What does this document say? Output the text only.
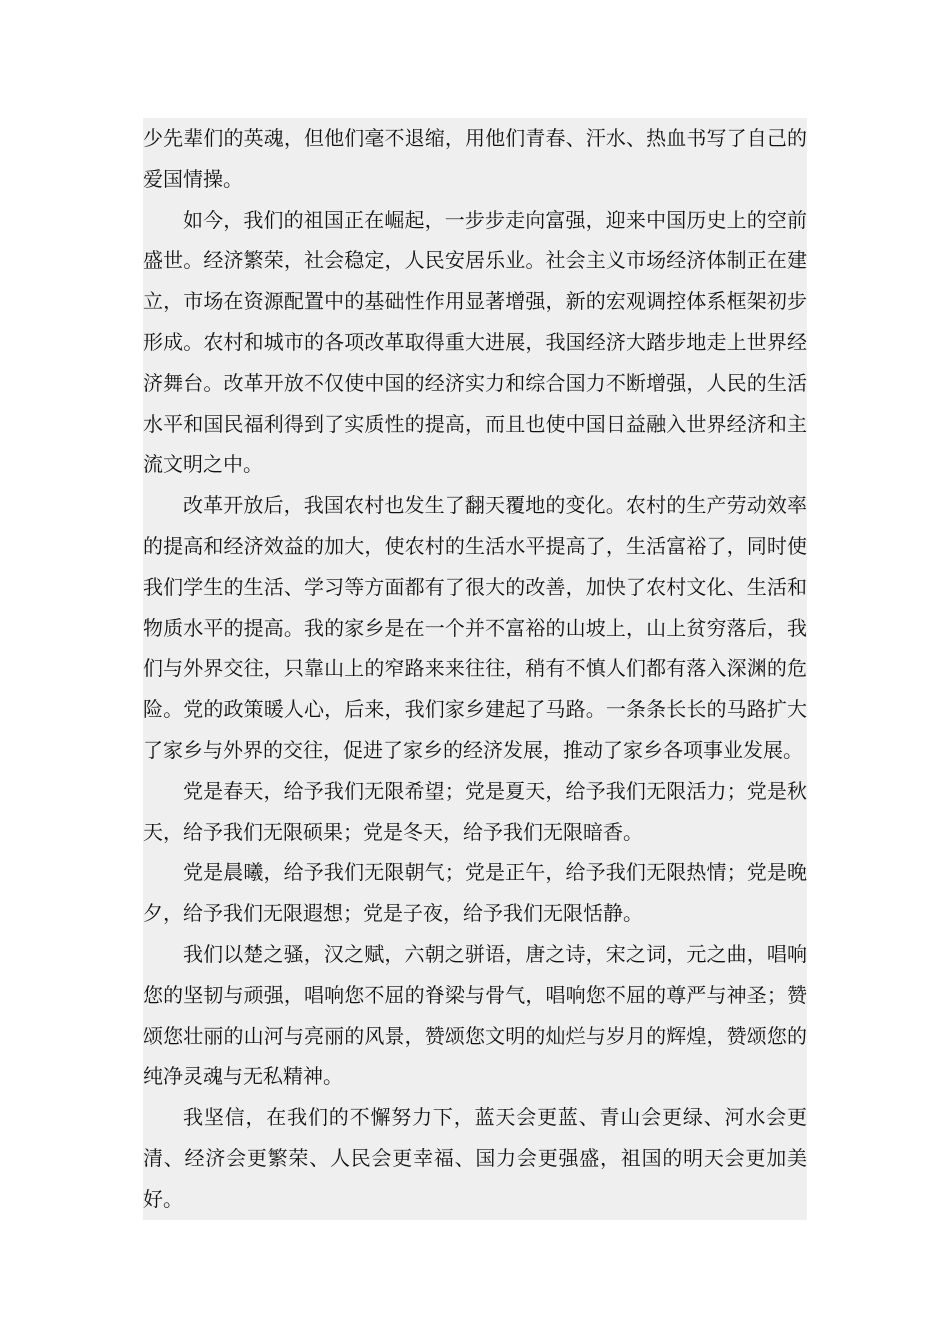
少先辈们的英魂，但他们毫不退缩，用他们青春、汗水、热血书写了自己的爱国情操。

如今，我们的祖国正在崛起，一步步走向富强，迎来中国历史上的空前盛世。经济繁荣，社会稳定，人民安居乐业。社会主义市场经济体制正在建立，市场在资源配置中的基础性作用显著增强，新的宏观调控体系框架初步形成。农村和城市的各项改革取得重大进展，我国经济大踏步地走上世界经济舞台。改革开放不仅使中国的经济实力和综合国力不断增强，人民的生活水平和国民福利得到了实质性的提高，而且也使中国日益融入世界经济和主流文明之中。

改革开放后，我国农村也发生了翻天覆地的变化。农村的生产劳动效率的提高和经济效益的加大，使农村的生活水平提高了，生活富裕了，同时使我们学生的生活、学习等方面都有了很大的改善，加快了农村文化、生活和物质水平的提高。我的家乡是在一个并不富裕的山坡上，山上贫穷落后，我们与外界交往，只靠山上的窄路来来往往，稍有不慎人们都有落入深渊的危险。党的政策暖人心，后来，我们家乡建起了马路。一条条长长的马路扩大了家乡与外界的交往，促进了家乡的经济发展，推动了家乡各项事业发展。

党是春天，给予我们无限希望；党是夏天，给予我们无限活力；党是秋天，给予我们无限硕果；党是冬天，给予我们无限暗香。

党是晨曦，给予我们无限朝气；党是正午，给予我们无限热情；党是晚夕，给予我们无限遐想；党是子夜，给予我们无限恬静。

我们以楚之骚，汉之赋，六朝之骈语，唐之诗，宋之词，元之曲，唱响您的坚韧与顽强，唱响您不屈的脊梁与骨气，唱响您不屈的尊严与神圣；赞颂您壮丽的山河与亮丽的风景，赞颂您文明的灿烂与岁月的辉煌，赞颂您的纯净灵魂与无私精神。

我坚信，在我们的不懈努力下，蓝天会更蓝、青山会更绿、河水会更清、经济会更繁荣、人民会更幸福、国力会更强盛，祖国的明天会更加美好。
